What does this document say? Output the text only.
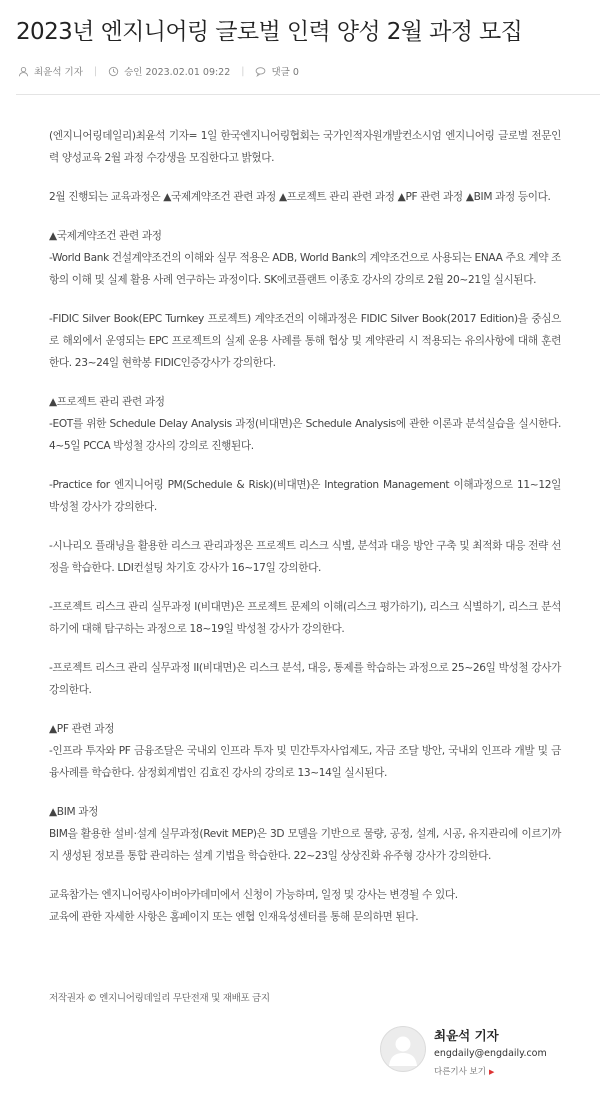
2023년 엔지니어링 글로벌 인력 양성 2월 과정 모집
최윤석 기자 |	승인 2023.02.01 09:22 |	댓글 0

(엔지니어링데일리)최윤석 기자= 1일 한국엔지니어링협회는 국가인적자원개발컨소시엄 엔지니어링 글로벌 전문인력 양성교육 2월 과정 수강생을 모집한다고 밝혔다.

2월 진행되는 교육과정은 ▲국제계약조건 관련 과정 ▲프로젝트 관리 관련 과정 ▲PF 관련 과정 ▲BIM 과정 등이다.

▲국제계약조건 관련 과정

-World Bank 건설계약조건의 이해와 실무 적용은 ADB, World Bank의 계약조건으로 사용되는 ENAA 주요 계약 조항의 이해 및 실제 활용 사례 연구하는 과정이다. SK에코플랜트 이종호 강사의 강의로 2월 20~21일 실시된다.

-FIDIC Silver Book(EPC Turnkey 프로젝트) 계약조건의 이해과정은 FIDIC Silver Book(2017 Edition)을 중심으로 해외에서 운영되는 EPC 프로젝트의 실제 운용 사례를 통해 협상 및 계약관리 시 적용되는 유의사항에 대해 훈련한다. 23~24일 현학봉 FIDIC인증강사가 강의한다.

▲프로젝트 관리 관련 과정

-EOT를 위한 Schedule Delay Analysis 과정(비대면)은 Schedule Analysis에 관한 이론과 분석실습을 실시한다. 4~5일 PCCA 박성철 강사의 강의로 진행된다.

-Practice for 엔지니어링 PM(Schedule & Risk)(비대면)은 Integration Management 이해과정으로 11~12일 박성철 강사가 강의한다.

-시나리오 플래닝을 활용한 리스크 관리과정은 프로젝트 리스크 식별, 분석과 대응 방안 구축 및 최적화 대응 전략 선정을 학습한다. LDI컨설팅 차기호 강사가 16~17일 강의한다.

-프로젝트 리스크 관리 실무과정 I(비대면)은 프로젝트 문제의 이해(리스크 평가하기), 리스크 식별하기, 리스크 분석하기에 대해 탐구하는 과정으로 18~19일 박성철 강사가 강의한다.

-프로젝트 리스크 관리 실무과정 II(비대면)은 리스크 분석, 대응, 통제를 학습하는 과정으로 25~26일 박성철 강사가 강의한다.

▲PF 관련 과정

-인프라 투자와 PF 금융조달은 국내외 인프라 투자 및 민간투자사업제도, 자금 조달 방안, 국내외 인프라 개발 및 금융사례를 학습한다. 삼정회계법인 김효진 강사의 강의로 13~14일 실시된다.

▲BIM 과정

BIM을 활용한 설비·설계 실무과정(Revit MEP)은 3D 모델을 기반으로 물량, 공정, 설계, 시공, 유지관리에 이르기까지 생성된 정보를 통합 관리하는 설계 기법을 학습한다. 22~23일 상상진화 유주형 강사가 강의한다.

교육참가는 엔지니어링사이버아카데미에서 신청이 가능하며, 일정 및 강사는 변경될 수 있다.

교육에 관한 자세한 사항은 홈페이지 또는 엔협 인재육성센터를 통해 문의하면 된다.

저작권자 © 엔지니어링데일리 무단전재 및 재배포 금지
최윤석 기자
engdaily@engdaily.com
다른기사 보기 ▶
